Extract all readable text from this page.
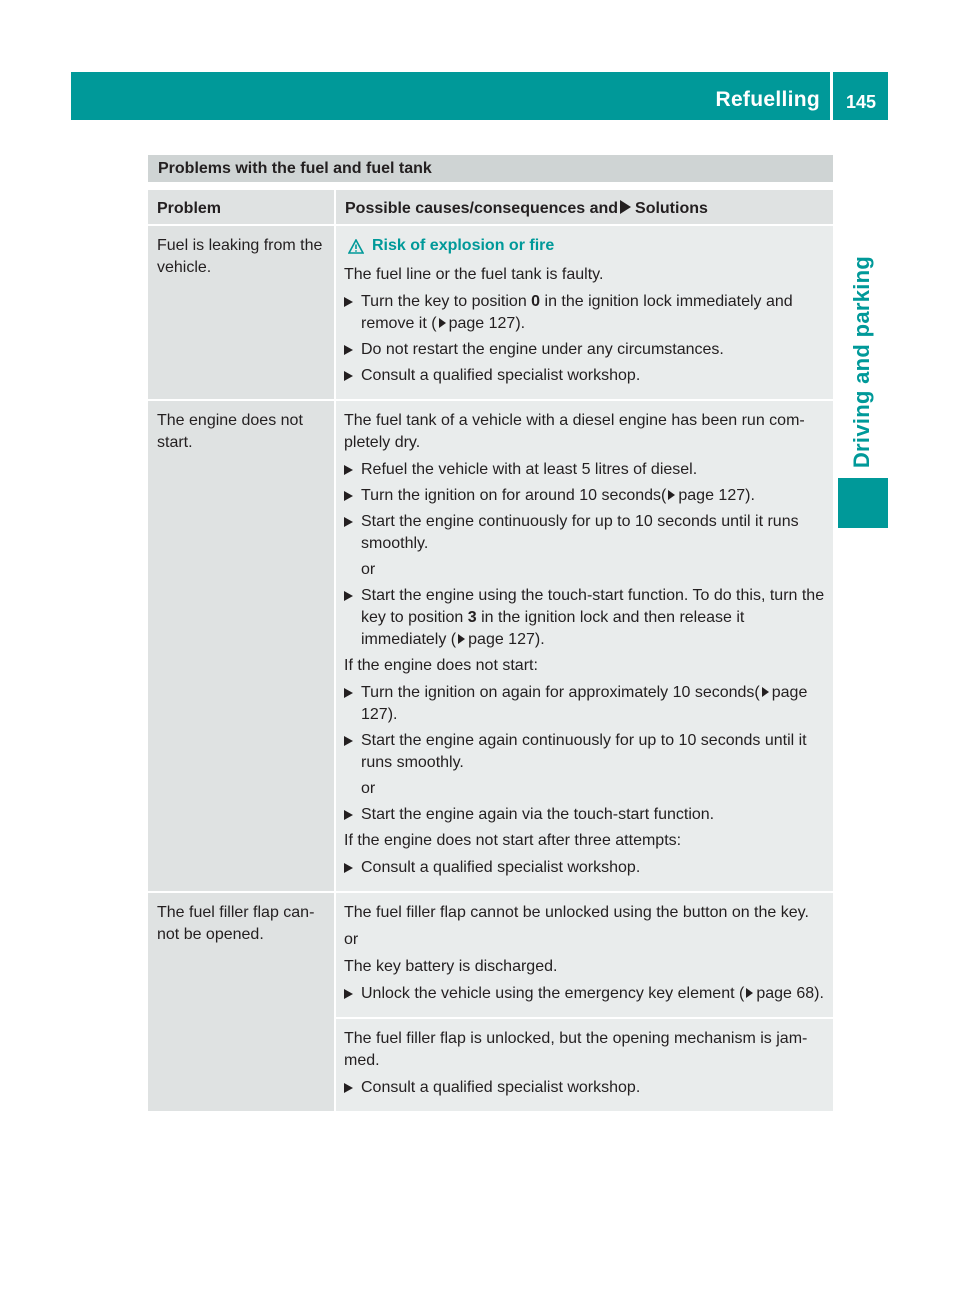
Refuelling	145
Driving and parking
Problems with the fuel and fuel tank
Problem	Possible causes/consequences and Solutions
Fuel is leaking from the vehicle.
Risk of explosion or fire

The fuel line or the fuel tank is faulty.

Turn the key to position 0 in the ignition lock immediately and remove it ( page 127).

Do not restart the engine under any circumstances.

Consult a qualified specialist workshop.

The engine does not start.

The fuel tank of a vehicle with a diesel engine has been run com-pletely dry.

Refuel the vehicle with at least 5 litres of diesel.

Turn the ignition on for around 10 seconds( page 127).

Start the engine continuously for up to 10 seconds until it runs smoothly.

or

Start the engine using the touch-start function. To do this, turn the key to position 3 in the ignition lock and then release it immediately ( page 127).

If the engine does not start:

Turn the ignition on again for approximately 10 seconds( page 127).

Start the engine again continuously for up to 10 seconds until it runs smoothly.

or

Start the engine again via the touch-start function.

If the engine does not start after three attempts:

Consult a qualified specialist workshop.

The fuel filler flap can-not be opened.

The fuel filler flap cannot be unlocked using the button on the key.

or

The key battery is discharged.

Unlock the vehicle using the emergency key element ( page 68).

The fuel filler flap is unlocked, but the opening mechanism is jam-med.

Consult a qualified specialist workshop.
